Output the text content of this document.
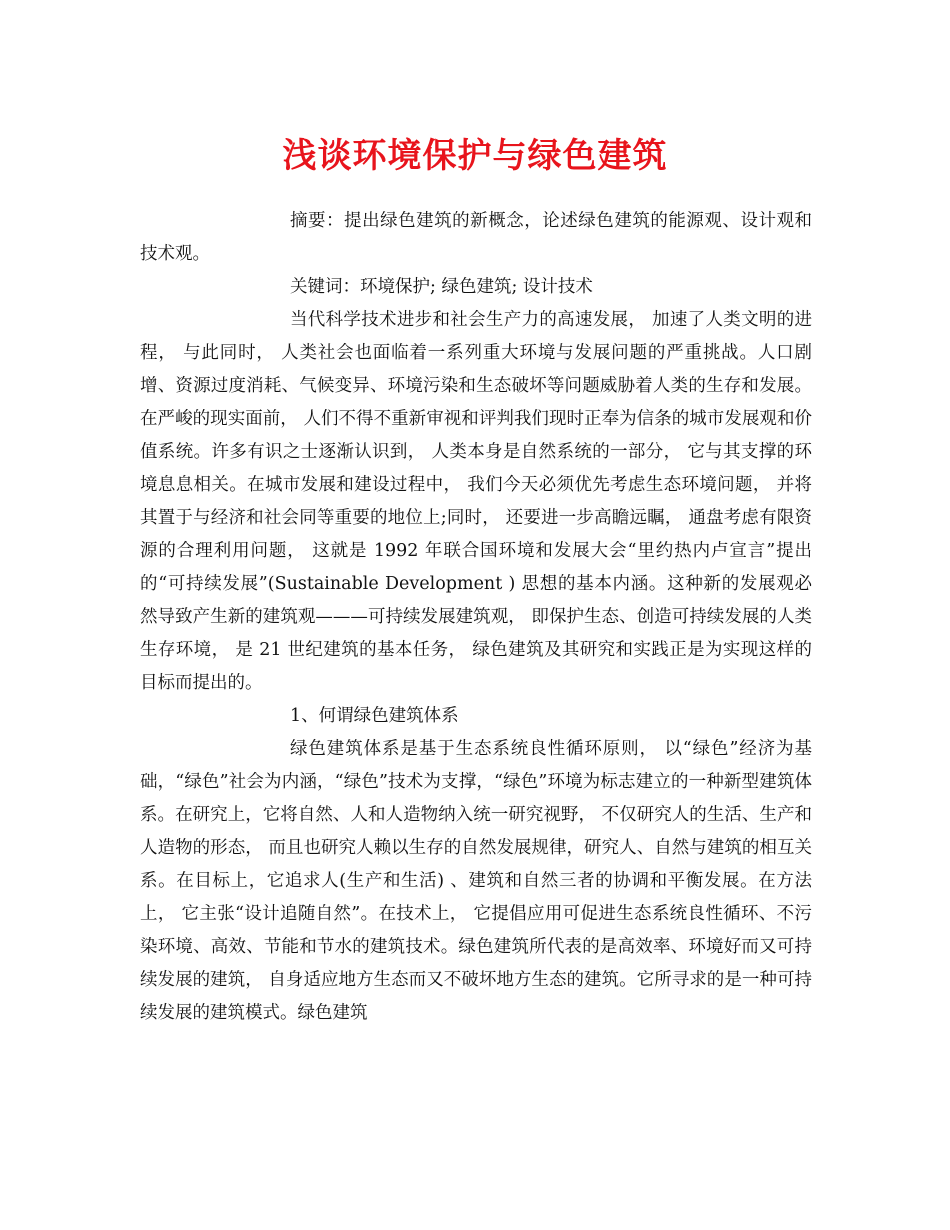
浅谈环境保护与绿色建筑

摘要：提出绿色建筑的新概念，论述绿色建筑的能源观、设计观和技术观。

关键词：环境保护; 绿色建筑; 设计技术

当代科学技术进步和社会生产力的高速发展， 加速了人类文明的进程， 与此同时， 人类社会也面临着一系列重大环境与发展问题的严重挑战。人口剧增、资源过度消耗、气候变异、环境污染和生态破坏等问题威胁着人类的生存和发展。在严峻的现实面前， 人们不得不重新审视和评判我们现时正奉为信条的城市发展观和价值系统。许多有识之士逐渐认识到， 人类本身是自然系统的一部分， 它与其支撑的环境息息相关。在城市发展和建设过程中， 我们今天必须优先考虑生态环境问题， 并将其置于与经济和社会同等重要的地位上;同时， 还要进一步高瞻远瞩， 通盘考虑有限资源的合理利用问题， 这就是 1992 年联合国环境和发展大会“里约热内卢宣言”提出的“可持续发展”(Sustainable Development ) 思想的基本内涵。这种新的发展观必然导致产生新的建筑观———可持续发展建筑观， 即保护生态、创造可持续发展的人类生存环境， 是 21 世纪建筑的基本任务， 绿色建筑及其研究和实践正是为实现这样的目标而提出的。

1、何谓绿色建筑体系

绿色建筑体系是基于生态系统良性循环原则， 以“绿色”经济为基础，“绿色”社会为内涵，“绿色”技术为支撑，“绿色”环境为标志建立的一种新型建筑体系。在研究上，它将自然、人和人造物纳入统一研究视野， 不仅研究人的生活、生产和人造物的形态， 而且也研究人赖以生存的自然发展规律，研究人、自然与建筑的相互关系。在目标上，它追求人(生产和生活) 、建筑和自然三者的协调和平衡发展。在方法上， 它主张“设计追随自然”。在技术上， 它提倡应用可促进生态系统良性循环、不污染环境、高效、节能和节水的建筑技术。绿色建筑所代表的是高效率、环境好而又可持续发展的建筑， 自身适应地方生态而又不破坏地方生态的建筑。它所寻求的是一种可持续发展的建筑模式。绿色建筑
